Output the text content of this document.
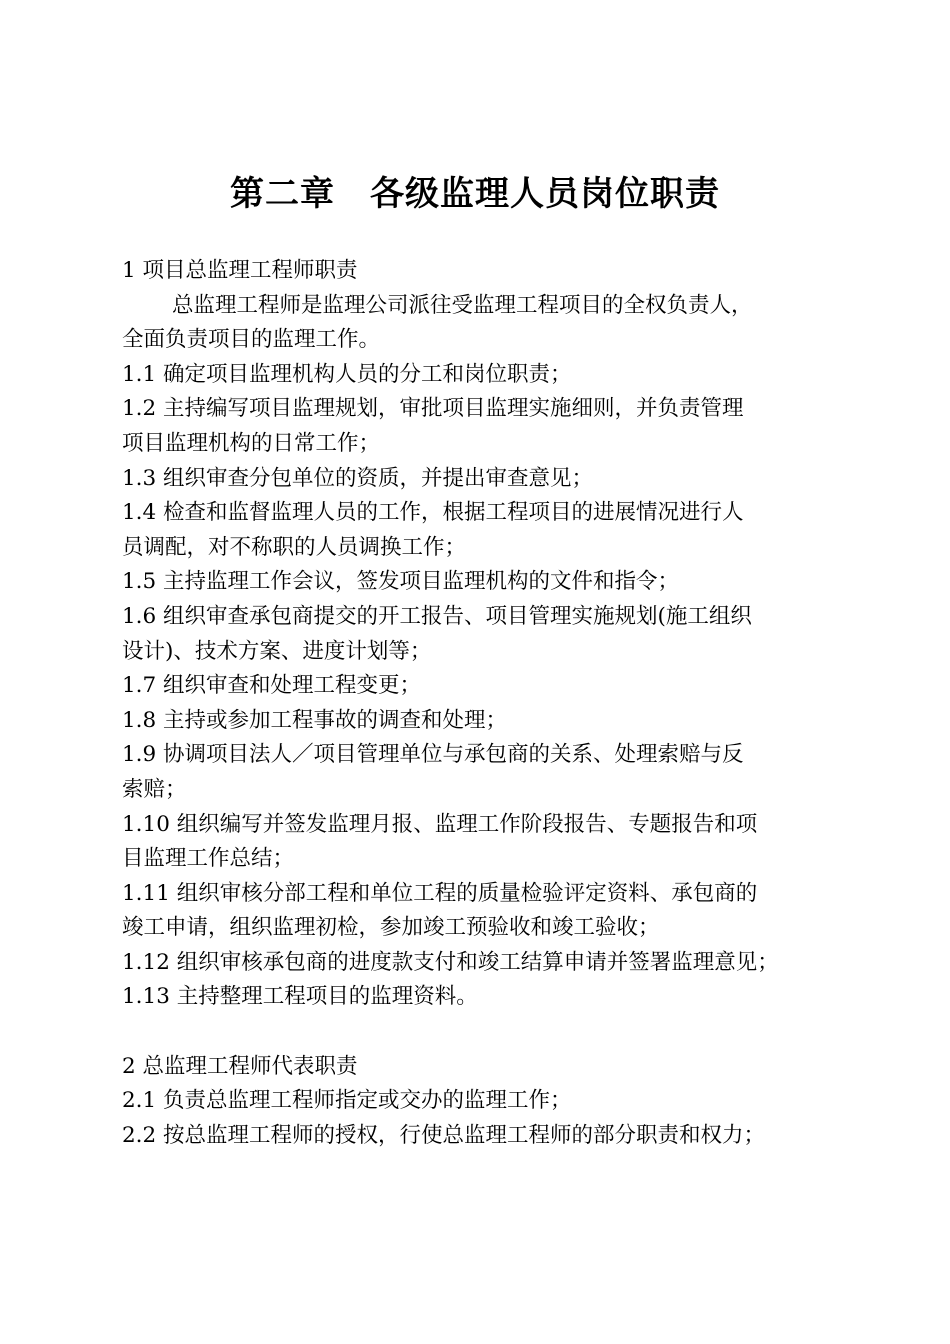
第二章　各级监理人员岗位职责
1 项目总监理工程师职责
总监理工程师是监理公司派往受监理工程项目的全权负责人，
全面负责项目的监理工作。
1.1 确定项目监理机构人员的分工和岗位职责；
1.2 主持编写项目监理规划，审批项目监理实施细则，并负责管理
项目监理机构的日常工作；
1.3 组织审查分包单位的资质，并提出审查意见；
1.4 检查和监督监理人员的工作，根据工程项目的进展情况进行人
员调配，对不称职的人员调换工作；
1.5 主持监理工作会议，签发项目监理机构的文件和指令；
1.6 组织审查承包商提交的开工报告、项目管理实施规划(施工组织
设计)、技术方案、进度计划等；
1.7 组织审查和处理工程变更；
1.8 主持或参加工程事故的调查和处理；
1.9 协调项目法人／项目管理单位与承包商的关系、处理索赔与反
索赔；
1.10 组织编写并签发监理月报、监理工作阶段报告、专题报告和项
目监理工作总结；
1.11 组织审核分部工程和单位工程的质量检验评定资料、承包商的
竣工申请，组织监理初检，参加竣工预验收和竣工验收；
1.12 组织审核承包商的进度款支付和竣工结算申请并签署监理意见；
1.13 主持整理工程项目的监理资料。
2 总监理工程师代表职责
2.1 负责总监理工程师指定或交办的监理工作；
2.2 按总监理工程师的授权，行使总监理工程师的部分职责和权力；
